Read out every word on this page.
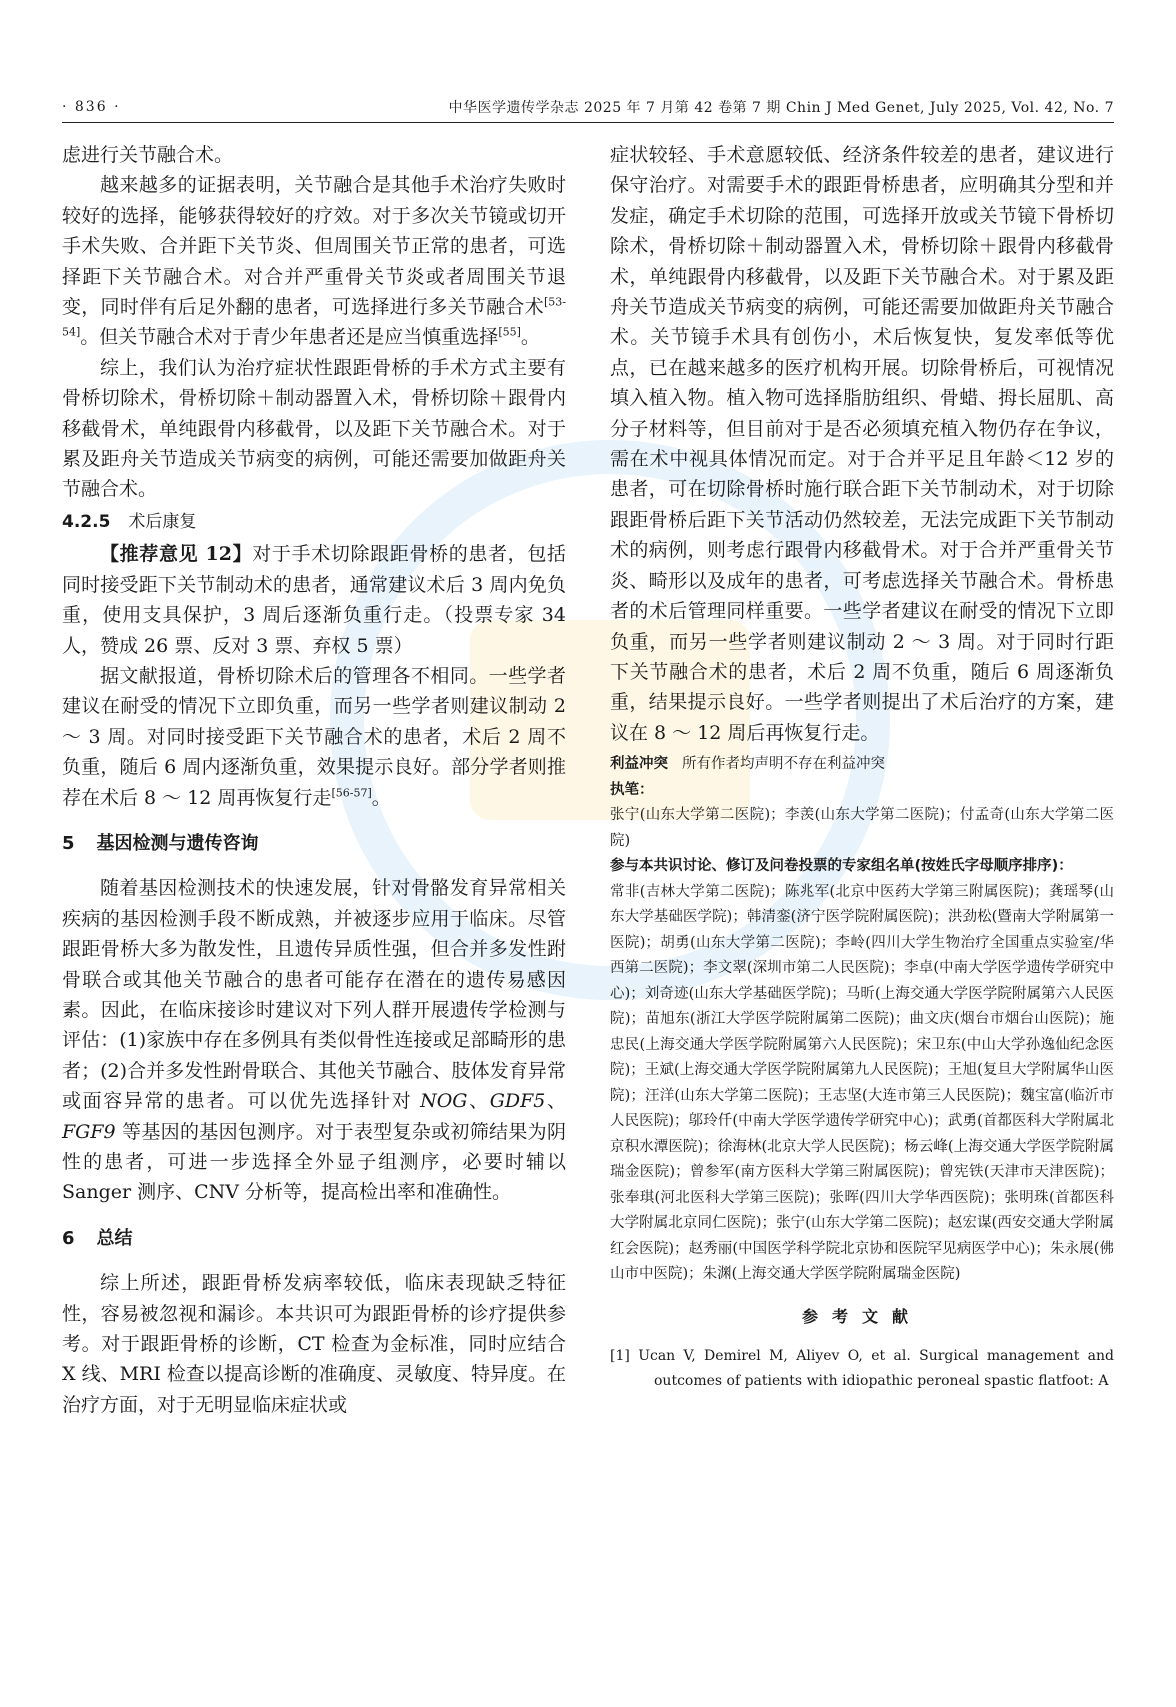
· 836 ·	中华医学遗传学杂志 2025 年 7 月第 42 卷第 7 期 Chin J Med Genet, July 2025, Vol. 42, No. 7

虑进行关节融合术。

越来越多的证据表明，关节融合是其他手术治疗失败时较好的选择，能够获得较好的疗效。对于多次关节镜或切开手术失败、合并距下关节炎、但周围关节正常的患者，可选择距下关节融合术。对合并严重骨关节炎或者周围关节退变，同时伴有后足外翻的患者，可选择进行多关节融合术[53-54]。但关节融合术对于青少年患者还是应当慎重选择[55]。

综上，我们认为治疗症状性跟距骨桥的手术方式主要有骨桥切除术，骨桥切除＋制动器置入术，骨桥切除＋跟骨内移截骨术，单纯跟骨内移截骨，以及距下关节融合术。对于累及距舟关节造成关节病变的病例，可能还需要加做距舟关节融合术。

4.2.5 术后康复

【推荐意见 12】对于手术切除跟距骨桥的患者，包括同时接受距下关节制动术的患者，通常建议术后 3 周内免负重，使用支具保护，3 周后逐渐负重行走。（投票专家 34 人，赞成 26 票、反对 3 票、弃权 5 票）

据文献报道，骨桥切除术后的管理各不相同。一些学者建议在耐受的情况下立即负重，而另一些学者则建议制动 2 ～ 3 周。对同时接受距下关节融合术的患者，术后 2 周不负重，随后 6 周内逐渐负重，效果提示良好。部分学者则推荐在术后 8 ～ 12 周再恢复行走[56-57]。

5 基因检测与遗传咨询

随着基因检测技术的快速发展，针对骨骼发育异常相关疾病的基因检测手段不断成熟，并被逐步应用于临床。尽管跟距骨桥大多为散发性，且遗传异质性强，但合并多发性跗骨联合或其他关节融合的患者可能存在潜在的遗传易感因素。因此，在临床接诊时建议对下列人群开展遗传学检测与评估：(1)家族中存在多例具有类似骨性连接或足部畸形的患者；(2)合并多发性跗骨联合、其他关节融合、肢体发育异常或面容异常的患者。可以优先选择针对 NOG、GDF5、FGF9 等基因的基因包测序。对于表型复杂或初筛结果为阴性的患者，可进一步选择全外显子组测序，必要时辅以 Sanger 测序、CNV 分析等，提高检出率和准确性。

6 总结

综上所述，跟距骨桥发病率较低，临床表现缺乏特征性，容易被忽视和漏诊。本共识可为跟距骨桥的诊疗提供参考。对于跟距骨桥的诊断，CT 检查为金标准，同时应结合 X 线、MRI 检查以提高诊断的准确度、灵敏度、特异度。在治疗方面，对于无明显临床症状或

症状较轻、手术意愿较低、经济条件较差的患者，建议进行保守治疗。对需要手术的跟距骨桥患者，应明确其分型和并发症，确定手术切除的范围，可选择开放或关节镜下骨桥切除术，骨桥切除＋制动器置入术，骨桥切除＋跟骨内移截骨术，单纯跟骨内移截骨，以及距下关节融合术。对于累及距舟关节造成关节病变的病例，可能还需要加做距舟关节融合术。关节镜手术具有创伤小，术后恢复快，复发率低等优点，已在越来越多的医疗机构开展。切除骨桥后，可视情况填入植入物。植入物可选择脂肪组织、骨蜡、拇长屈肌、高分子材料等，但目前对于是否必须填充植入物仍存在争议，需在术中视具体情况而定。对于合并平足且年龄＜12 岁的患者，可在切除骨桥时施行联合距下关节制动术，对于切除跟距骨桥后距下关节活动仍然较差，无法完成距下关节制动术的病例，则考虑行跟骨内移截骨术。对于合并严重骨关节炎、畸形以及成年的患者，可考虑选择关节融合术。骨桥患者的术后管理同样重要。一些学者建议在耐受的情况下立即负重，而另一些学者则建议制动 2 ～ 3 周。对于同时行距下关节融合术的患者，术后 2 周不负重，随后 6 周逐渐负重，结果提示良好。一些学者则提出了术后治疗的方案，建议在 8 ～ 12 周后再恢复行走。

利益冲突 所有作者均声明不存在利益冲突
执笔：
张宁(山东大学第二医院)；李羡(山东大学第二医院)；付孟奇(山东大学第二医院)
参与本共识讨论、修订及问卷投票的专家组名单(按姓氏字母顺序排序)：
常非(吉林大学第二医院)；陈兆军(北京中医药大学第三附属医院)；龚瑶琴(山东大学基础医学院)；韩清銮(济宁医学院附属医院)；洪劲松(暨南大学附属第一医院)；胡勇(山东大学第二医院)；李岭(四川大学生物治疗全国重点实验室/华西第二医院)；李文翠(深圳市第二人民医院)；李卓(中南大学医学遗传学研究中心)；刘奇迹(山东大学基础医学院)；马昕(上海交通大学医学院附属第六人民医院)；苗旭东(浙江大学医学院附属第二医院)；曲文庆(烟台市烟台山医院)；施忠民(上海交通大学医学院附属第六人民医院)；宋卫东(中山大学孙逸仙纪念医院)；王斌(上海交通大学医学院附属第九人民医院)；王旭(复旦大学附属华山医院)；汪洋(山东大学第二医院)；王志坚(大连市第三人民医院)；魏宝富(临沂市人民医院)；邬玲仟(中南大学医学遗传学研究中心)；武勇(首都医科大学附属北京积水潭医院)；徐海林(北京大学人民医院)；杨云峰(上海交通大学医学院附属瑞金医院)；曾参军(南方医科大学第三附属医院)；曾宪铁(天津市天津医院)；张奉琪(河北医科大学第三医院)；张晖(四川大学华西医院)；张明珠(首都医科大学附属北京同仁医院)；张宁(山东大学第二医院)；赵宏谋(西安交通大学附属红会医院)；赵秀丽(中国医学科学院北京协和医院罕见病医学中心)；朱永展(佛山市中医院)；朱渊(上海交通大学医学院附属瑞金医院)
参考文献
[1] Ucan V, Demirel M, Aliyev O, et al. Surgical management and outcomes of patients with idiopathic peroneal spastic flatfoot: A
